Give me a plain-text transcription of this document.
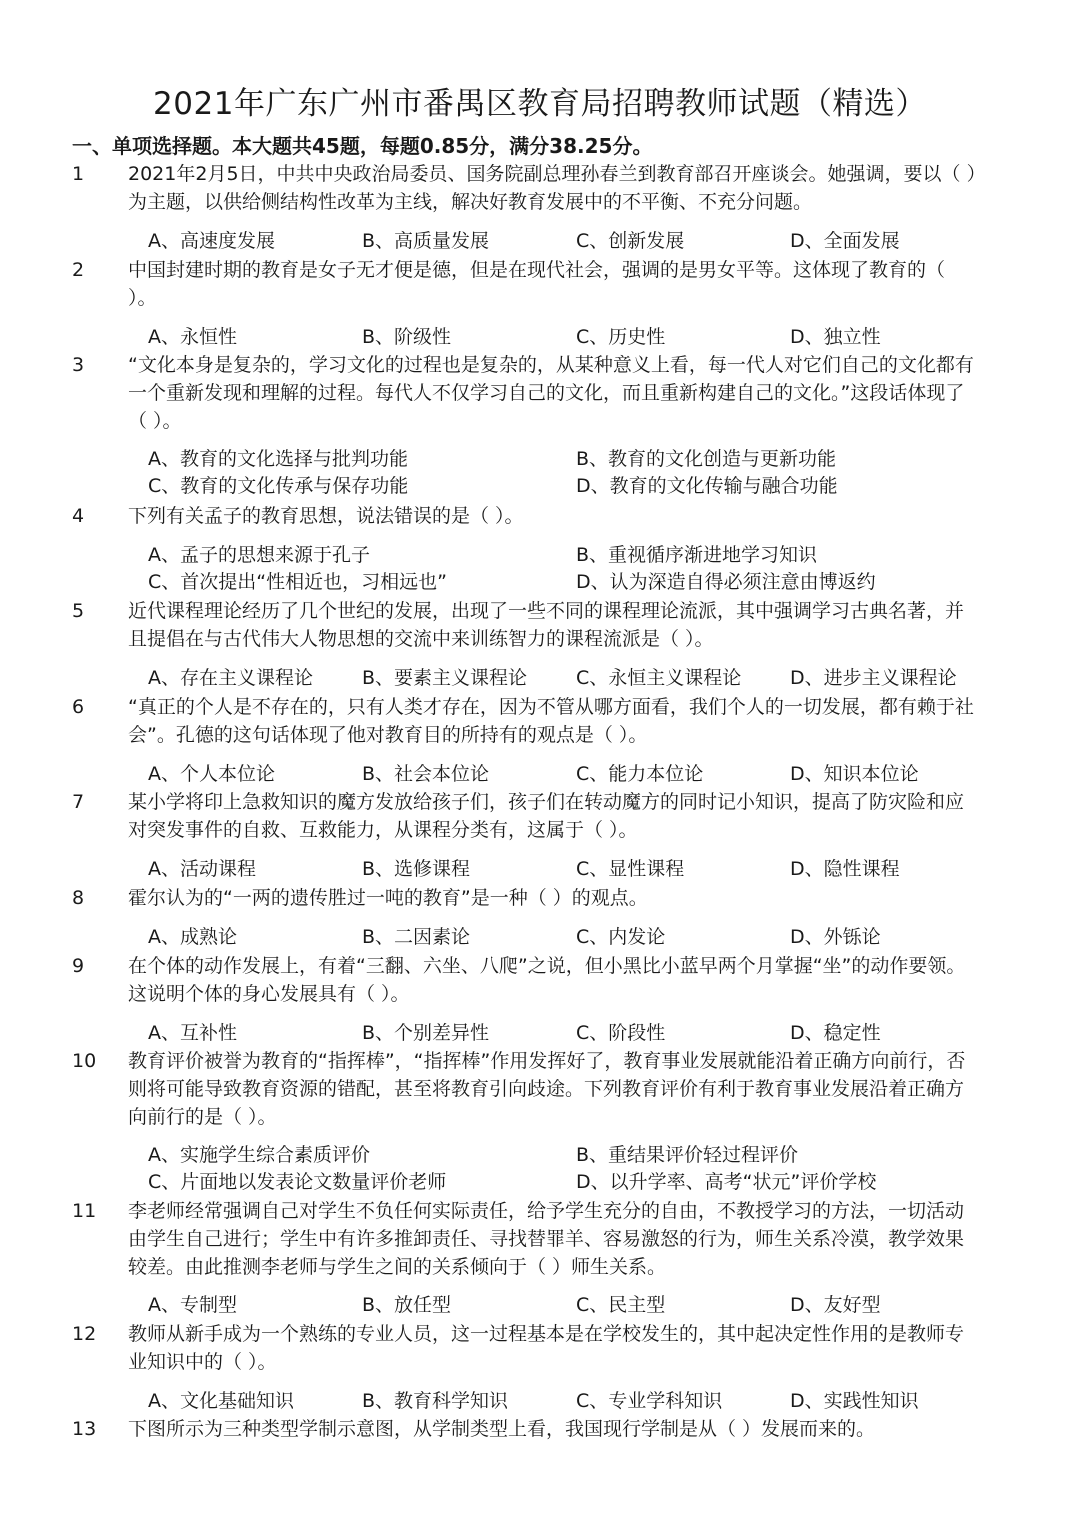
2021年广东广州市番禺区教育局招聘教师试题（精选）
一、单项选择题。本大题共45题，每题0.85分，满分38.25分。
1 2021年2月5日，中共中央政治局委员、国务院副总理孙春兰到教育部召开座谈会。她强调，要以（ ）为主题，以供给侧结构性改革为主线，解决好教育发展中的不平衡、不充分问题。

A、高速度发展	B、高质量发展	C、创新发展	D、全面发展
2 中国封建时期的教育是女子无才便是德，但是在现代社会，强调的是男女平等。这体现了教育的（ ）。

A、永恒性	B、阶级性	C、历史性	D、独立性
3 “文化本身是复杂的，学习文化的过程也是复杂的，从某种意义上看，每一代人对它们自己的文化都有一个重新发现和理解的过程。每代人不仅学习自己的文化，而且重新构建自己的文化。”这段话体现了（ ）。

A、教育的文化选择与批判功能	B、教育的文化创造与更新功能
C、教育的文化传承与保存功能	D、教育的文化传输与融合功能
4 下列有关孟子的教育思想，说法错误的是（ ）。

A、孟子的思想来源于孔子	B、重视循序渐进地学习知识
C、首次提出“性相近也，习相远也”	D、认为深造自得必须注意由博返约
5 近代课程理论经历了几个世纪的发展，出现了一些不同的课程理论流派，其中强调学习古典名著，并且提倡在与古代伟大人物思想的交流中来训练智力的课程流派是（ ）。

A、存在主义课程论	B、要素主义课程论	C、永恒主义课程论	D、进步主义课程论
6 “真正的个人是不存在的，只有人类才存在，因为不管从哪方面看，我们个人的一切发展，都有赖于社会”。孔德的这句话体现了他对教育目的所持有的观点是（ ）。

A、个人本位论	B、社会本位论	C、能力本位论	D、知识本位论
7 某小学将印上急救知识的魔方发放给孩子们，孩子们在转动魔方的同时记小知识，提高了防灾险和应对突发事件的自救、互救能力，从课程分类有，这属于（ ）。

A、活动课程	B、选修课程	C、显性课程	D、隐性课程
8 霍尔认为的“一两的遗传胜过一吨的教育”是一种（ ）的观点。

A、成熟论	B、二因素论	C、内发论	D、外铄论
9 在个体的动作发展上，有着“三翻、六坐、八爬”之说，但小黑比小蓝早两个月掌握“坐”的动作要领。这说明个体的身心发展具有（ ）。

A、互补性	B、个别差异性	C、阶段性	D、稳定性
10 教育评价被誉为教育的“指挥棒”，“指挥棒”作用发挥好了，教育事业发展就能沿着正确方向前行，否则将可能导致教育资源的错配，甚至将教育引向歧途。下列教育评价有利于教育事业发展沿着正确方向前行的是（ ）。

A、实施学生综合素质评价	B、重结果评价轻过程评价
C、片面地以发表论文数量评价老师	D、以升学率、高考“状元”评价学校
11 李老师经常强调自己对学生不负任何实际责任，给予学生充分的自由，不教授学习的方法，一切活动由学生自己进行；学生中有许多推卸责任、寻找替罪羊、容易激怒的行为，师生关系冷漠，教学效果较差。由此推测李老师与学生之间的关系倾向于（ ）师生关系。

A、专制型	B、放任型	C、民主型	D、友好型
12 教师从新手成为一个熟练的专业人员，这一过程基本是在学校发生的，其中起决定性作用的是教师专业知识中的（ ）。

A、文化基础知识	B、教育科学知识	C、专业学科知识	D、实践性知识
13 下图所示为三种类型学制示意图，从学制类型上看，我国现行学制是从（ ）发展而来的。
